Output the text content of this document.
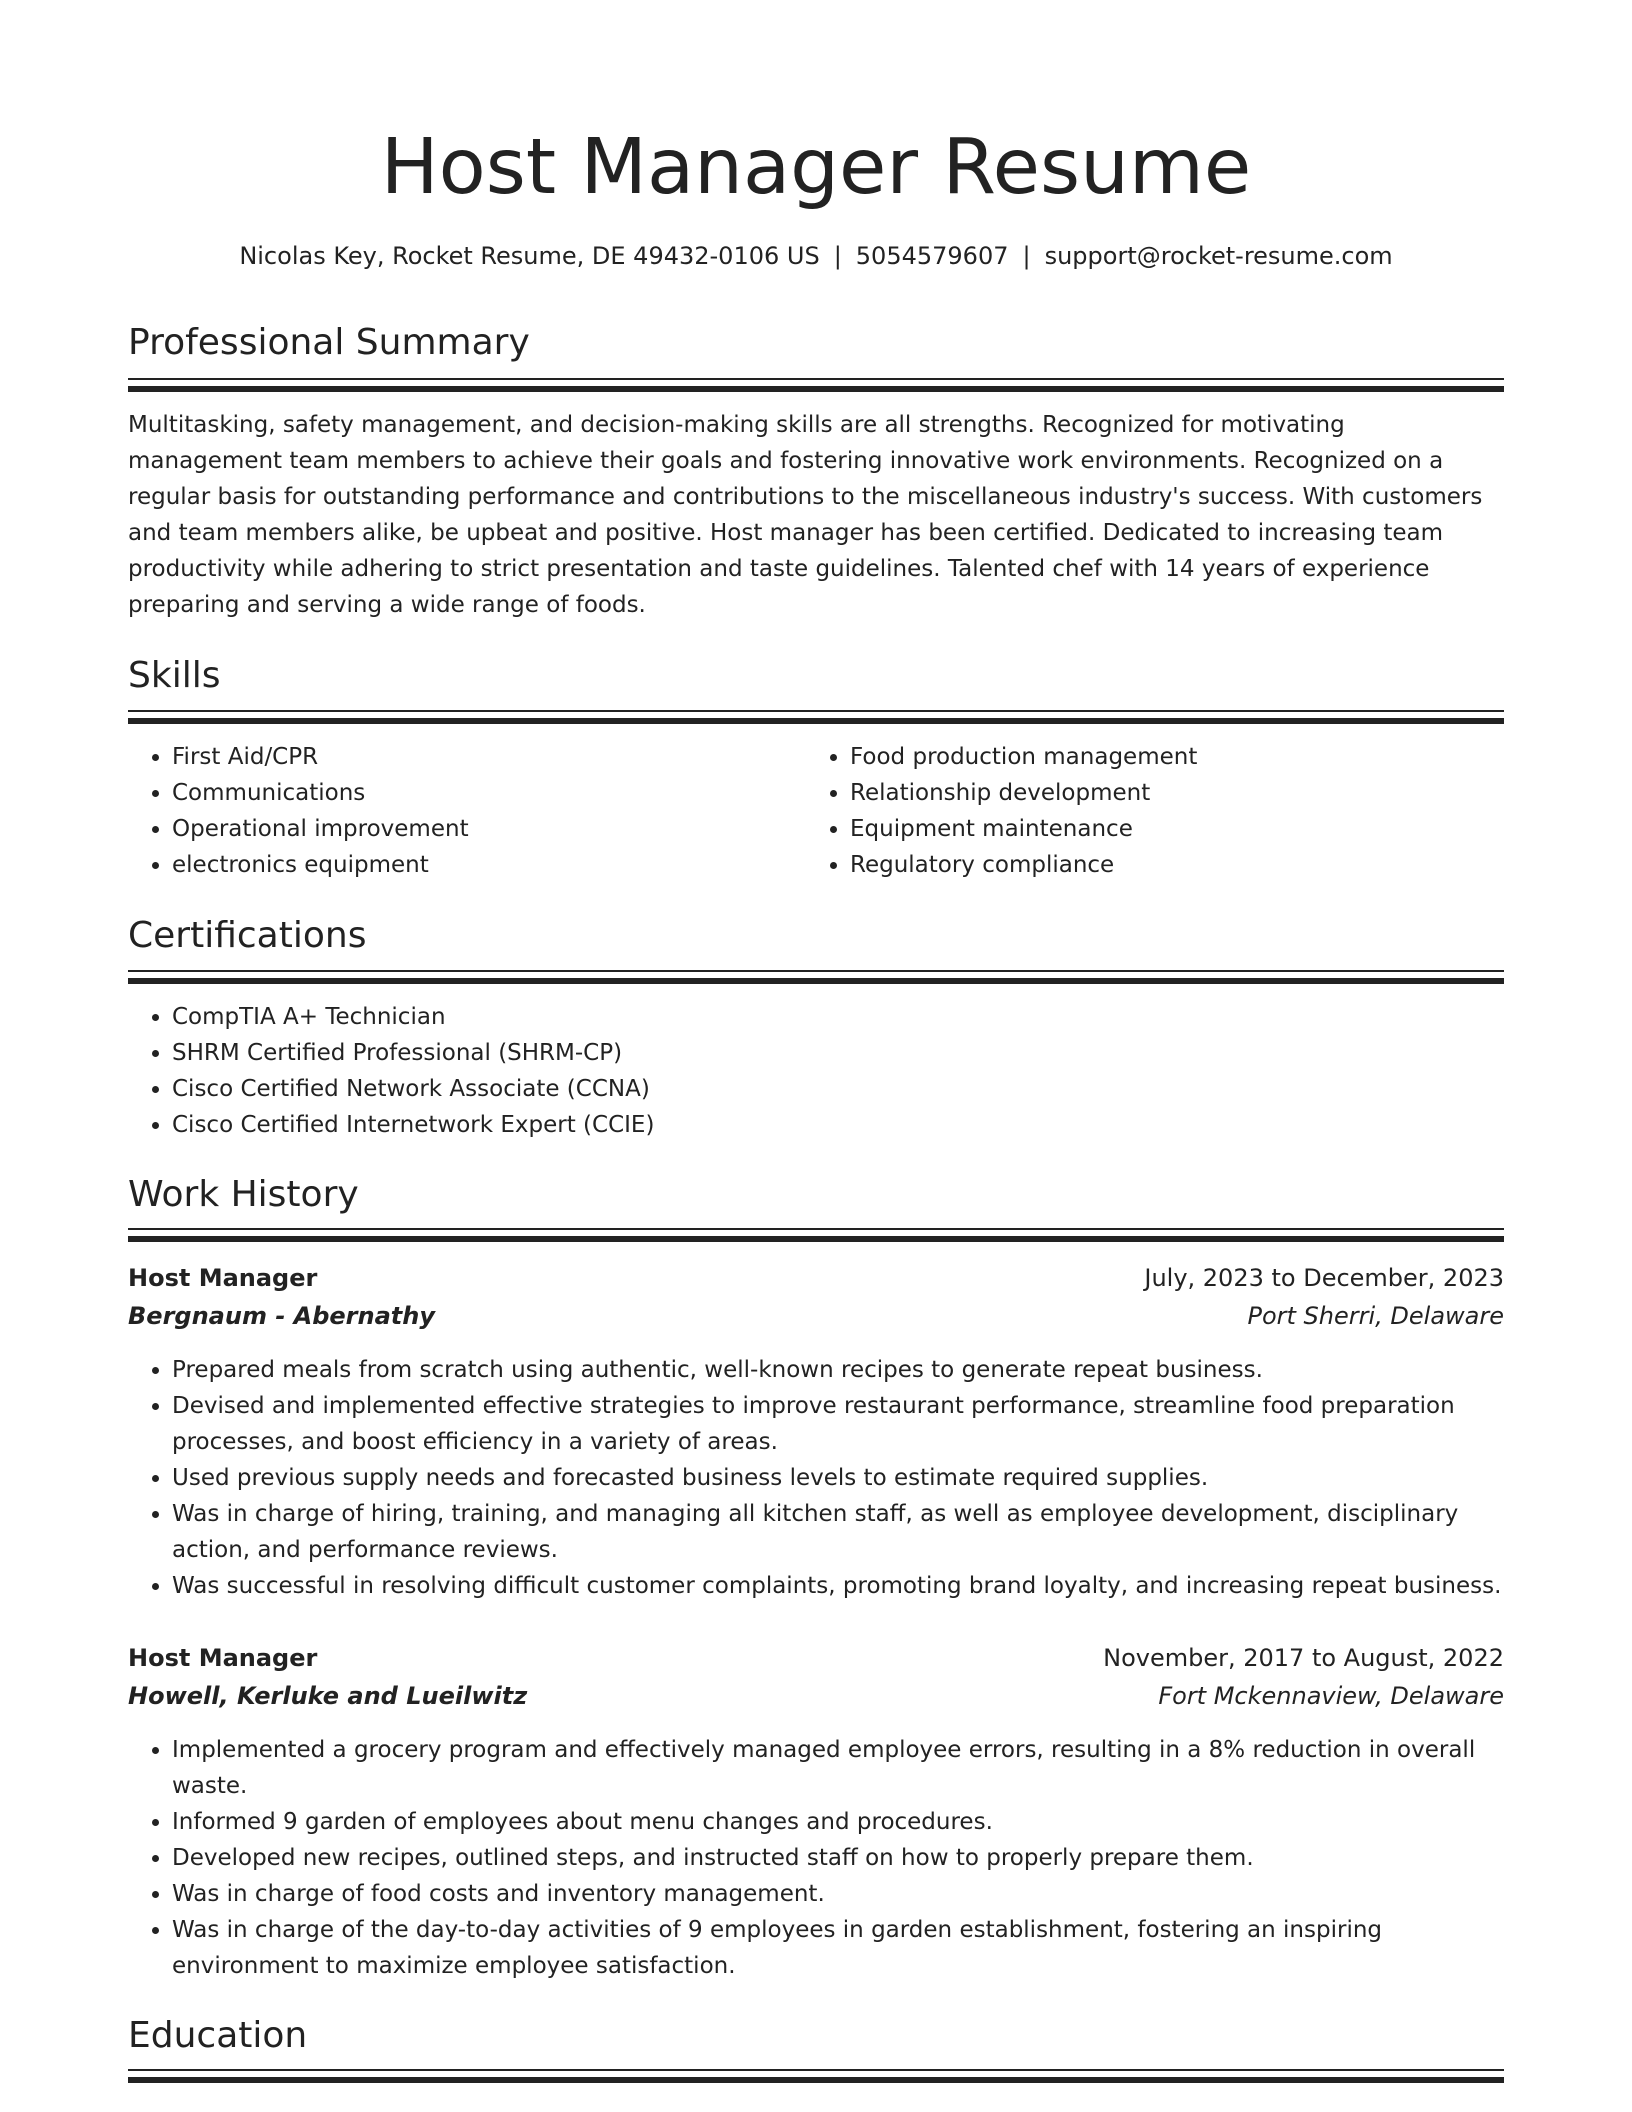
Host Manager Resume
Nicolas Key, Rocket Resume, DE 49432-0106 US | 5054579607 | support@rocket-resume.com
Professional Summary

Multitasking, safety management, and decision-making skills are all strengths. Recognized for motivating management team members to achieve their goals and fostering innovative work environments. Recognized on a regular basis for outstanding performance and contributions to the miscellaneous industry's success. With customers and team members alike, be upbeat and positive. Host manager has been certified. Dedicated to increasing team productivity while adhering to strict presentation and taste guidelines. Talented chef with 14 years of experience preparing and serving a wide range of foods.

Skills
• First Aid/CPR
• Communications
• Operational improvement
• electronics equipment
• Food production management
• Relationship development
• Equipment maintenance
• Regulatory compliance
Certifications
• CompTIA A+ Technician
• SHRM Certified Professional (SHRM-CP)
• Cisco Certified Network Associate (CCNA)
• Cisco Certified Internetwork Expert (CCIE)
Work History
Host Manager	July, 2023 to December, 2023
Bergnaum - Abernathy	Port Sherri, Delaware
• Prepared meals from scratch using authentic, well-known recipes to generate repeat business.
• Devised and implemented effective strategies to improve restaurant performance, streamline food preparation processes, and boost efficiency in a variety of areas.
• Used previous supply needs and forecasted business levels to estimate required supplies.
• Was in charge of hiring, training, and managing all kitchen staff, as well as employee development, disciplinary action, and performance reviews.
• Was successful in resolving difficult customer complaints, promoting brand loyalty, and increasing repeat business.
Host Manager	November, 2017 to August, 2022
Howell, Kerluke and Lueilwitz	Fort Mckennaview, Delaware
• Implemented a grocery program and effectively managed employee errors, resulting in a 8% reduction in overall waste.
• Informed 9 garden of employees about menu changes and procedures.
• Developed new recipes, outlined steps, and instructed staff on how to properly prepare them.
• Was in charge of food costs and inventory management.
• Was in charge of the day-to-day activities of 9 employees in garden establishment, fostering an inspiring environment to maximize employee satisfaction.
Education
